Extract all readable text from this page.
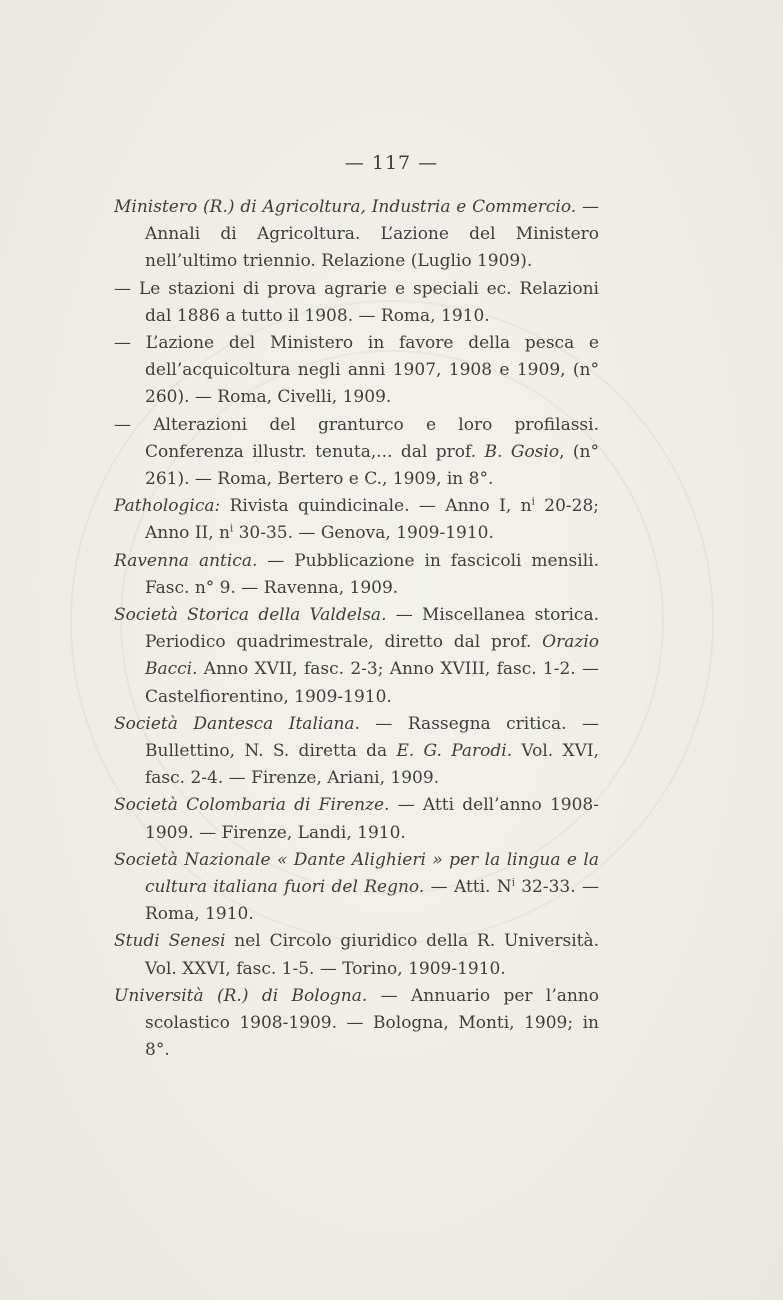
— 117 —

Ministero (R.) di Agricoltura, Industria e Commercio. — Annali di Agricoltura. L’azione del Ministero nell’ultimo triennio. Relazione (Luglio 1909).

— Le stazioni di prova agrarie e speciali ec. Relazioni dal 1886 a tutto il 1908. — Roma, 1910.

— L’azione del Ministero in favore della pesca e dell’acquicoltura negli anni 1907, 1908 e 1909, (n° 260). — Roma, Civelli, 1909.

— Alterazioni del granturco e loro profilassi. Conferenza illustr. tenuta,... dal prof. B. Gosio, (n° 261). — Roma, Bertero e C., 1909, in 8°.

Pathologica: Rivista quindicinale. — Anno I, $n^i$ 20-28; Anno II, $n^i$ 30-35. — Genova, 1909-1910.

Ravenna antica. — Pubblicazione in fascicoli mensili. Fasc. n° 9. — Ravenna, 1909.

Società Storica della Valdelsa. — Miscellanea storica. Periodico quadrimestrale, diretto dal prof. Orazio Bacci. Anno XVII, fasc. 2-3; Anno XVIII, fasc. 1-2. — Castelfiorentino, 1909-1910.

Società Dantesca Italiana. — Rassegna critica. — Bullettino, N. S. diretta da E. G. Parodi. Vol. XVI, fasc. 2-4. — Firenze, Ariani, 1909.

Società Colombaria di Firenze. — Atti dell’anno 1908-1909. — Firenze, Landi, 1910.

Società Nazionale « Dante Alighieri » per la lingua e la cultura italiana fuori del Regno. — Atti. $N^i$ 32-33. — Roma, 1910.

Studi Senesi nel Circolo giuridico della R. Università. Vol. XXVI, fasc. 1-5. — Torino, 1909-1910.

Università (R.) di Bologna. — Annuario per l’anno scolastico 1908-1909. — Bologna, Monti, 1909; in 8°.
